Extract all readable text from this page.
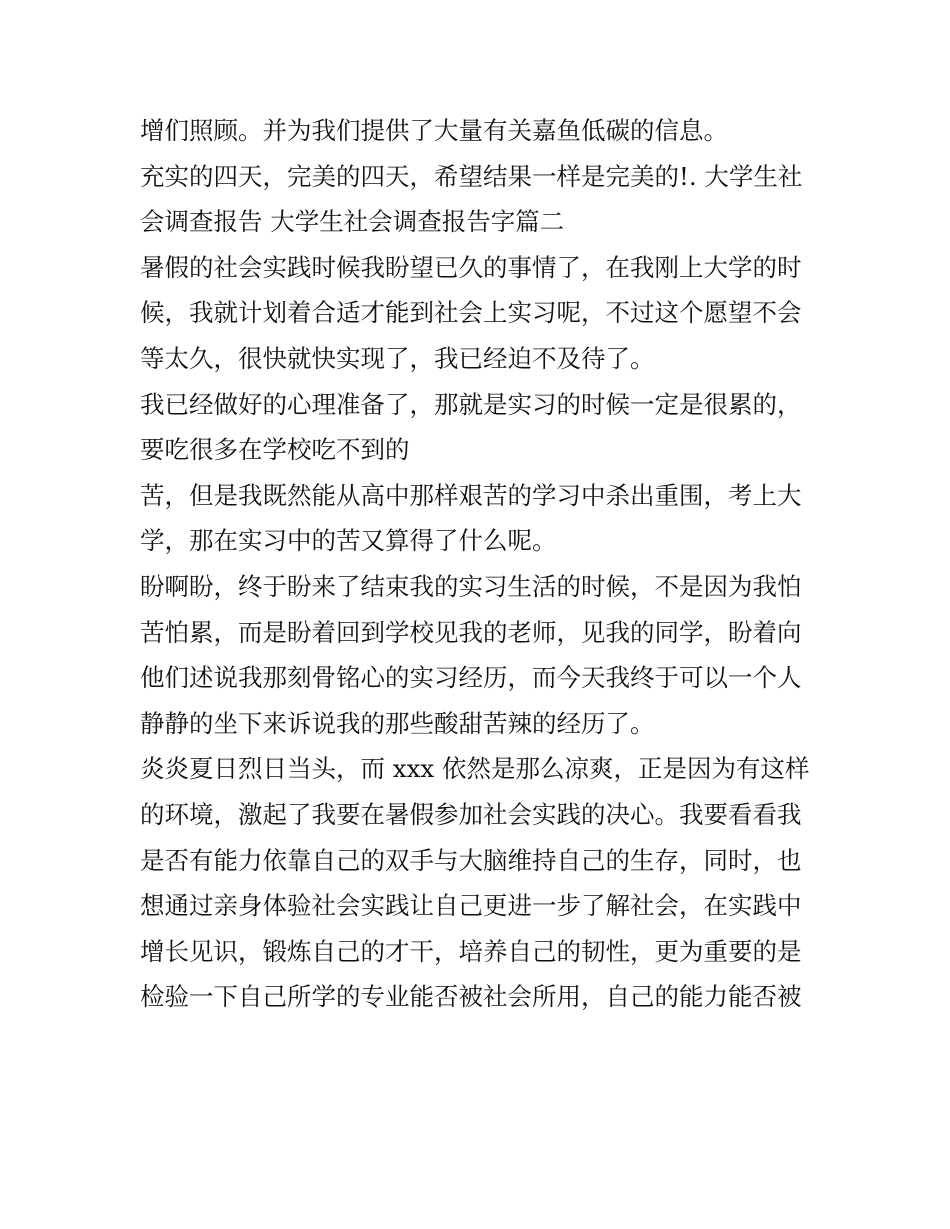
增们照顾。并为我们提供了大量有关嘉鱼低碳的信息。
充实的四天，完美的四天，希望结果一样是完美的!. 大学生社
会调查报告 大学生社会调查报告字篇二
暑假的社会实践时候我盼望已久的事情了，在我刚上大学的时
候，我就计划着合适才能到社会上实习呢，不过这个愿望不会
等太久，很快就快实现了，我已经迫不及待了。
我已经做好的心理准备了，那就是实习的时候一定是很累的，
要吃很多在学校吃不到的
苦，但是我既然能从高中那样艰苦的学习中杀出重围，考上大
学，那在实习中的苦又算得了什么呢。
盼啊盼，终于盼来了结束我的实习生活的时候，不是因为我怕
苦怕累，而是盼着回到学校见我的老师，见我的同学，盼着向
他们述说我那刻骨铭心的实习经历，而今天我终于可以一个人
静静的坐下来诉说我的那些酸甜苦辣的经历了。
炎炎夏日烈日当头，而 xxx 依然是那么凉爽，正是因为有这样
的环境，激起了我要在暑假参加社会实践的决心。我要看看我
是否有能力依靠自己的双手与大脑维持自己的生存，同时，也
想通过亲身体验社会实践让自己更进一步了解社会，在实践中
增长见识，锻炼自己的才干，培养自己的韧性，更为重要的是
检验一下自己所学的专业能否被社会所用，自己的能力能否被
